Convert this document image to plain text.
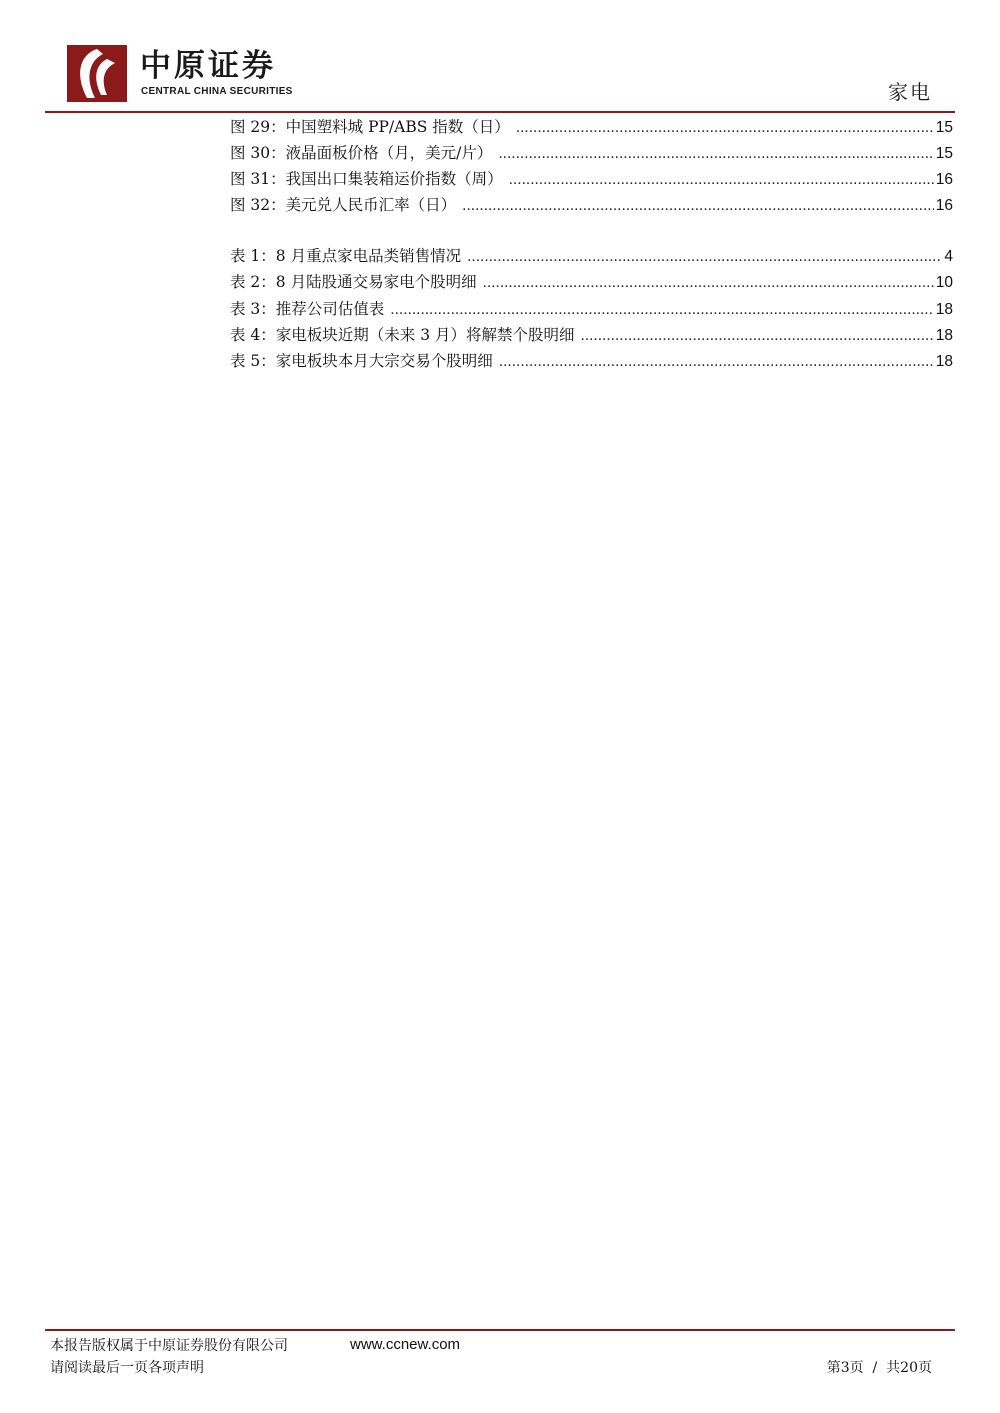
中原证券
CENTRAL CHINA SECURITIES	家电
图 29：中国塑料城 PP/ABS 指数（日） .....	15
图 30：液晶面板价格（月，美元/片） .....	15
图 31：我国出口集装箱运价指数（周） .....	16
图 32：美元兑人民币汇率（日） .....	16
表 1：8 月重点家电品类销售情况 .....	4
表 2：8 月陆股通交易家电个股明细 .....	10
表 3：推荐公司估值表 .....	18
表 4：家电板块近期（未来 3 月）将解禁个股明细 .....	18
表 5：家电板块本月大宗交易个股明细 .....	18
本报告版权属于中原证券股份有限公司	www.ccnew.com
请阅读最后一页各项声明	第3页  /  共20页
